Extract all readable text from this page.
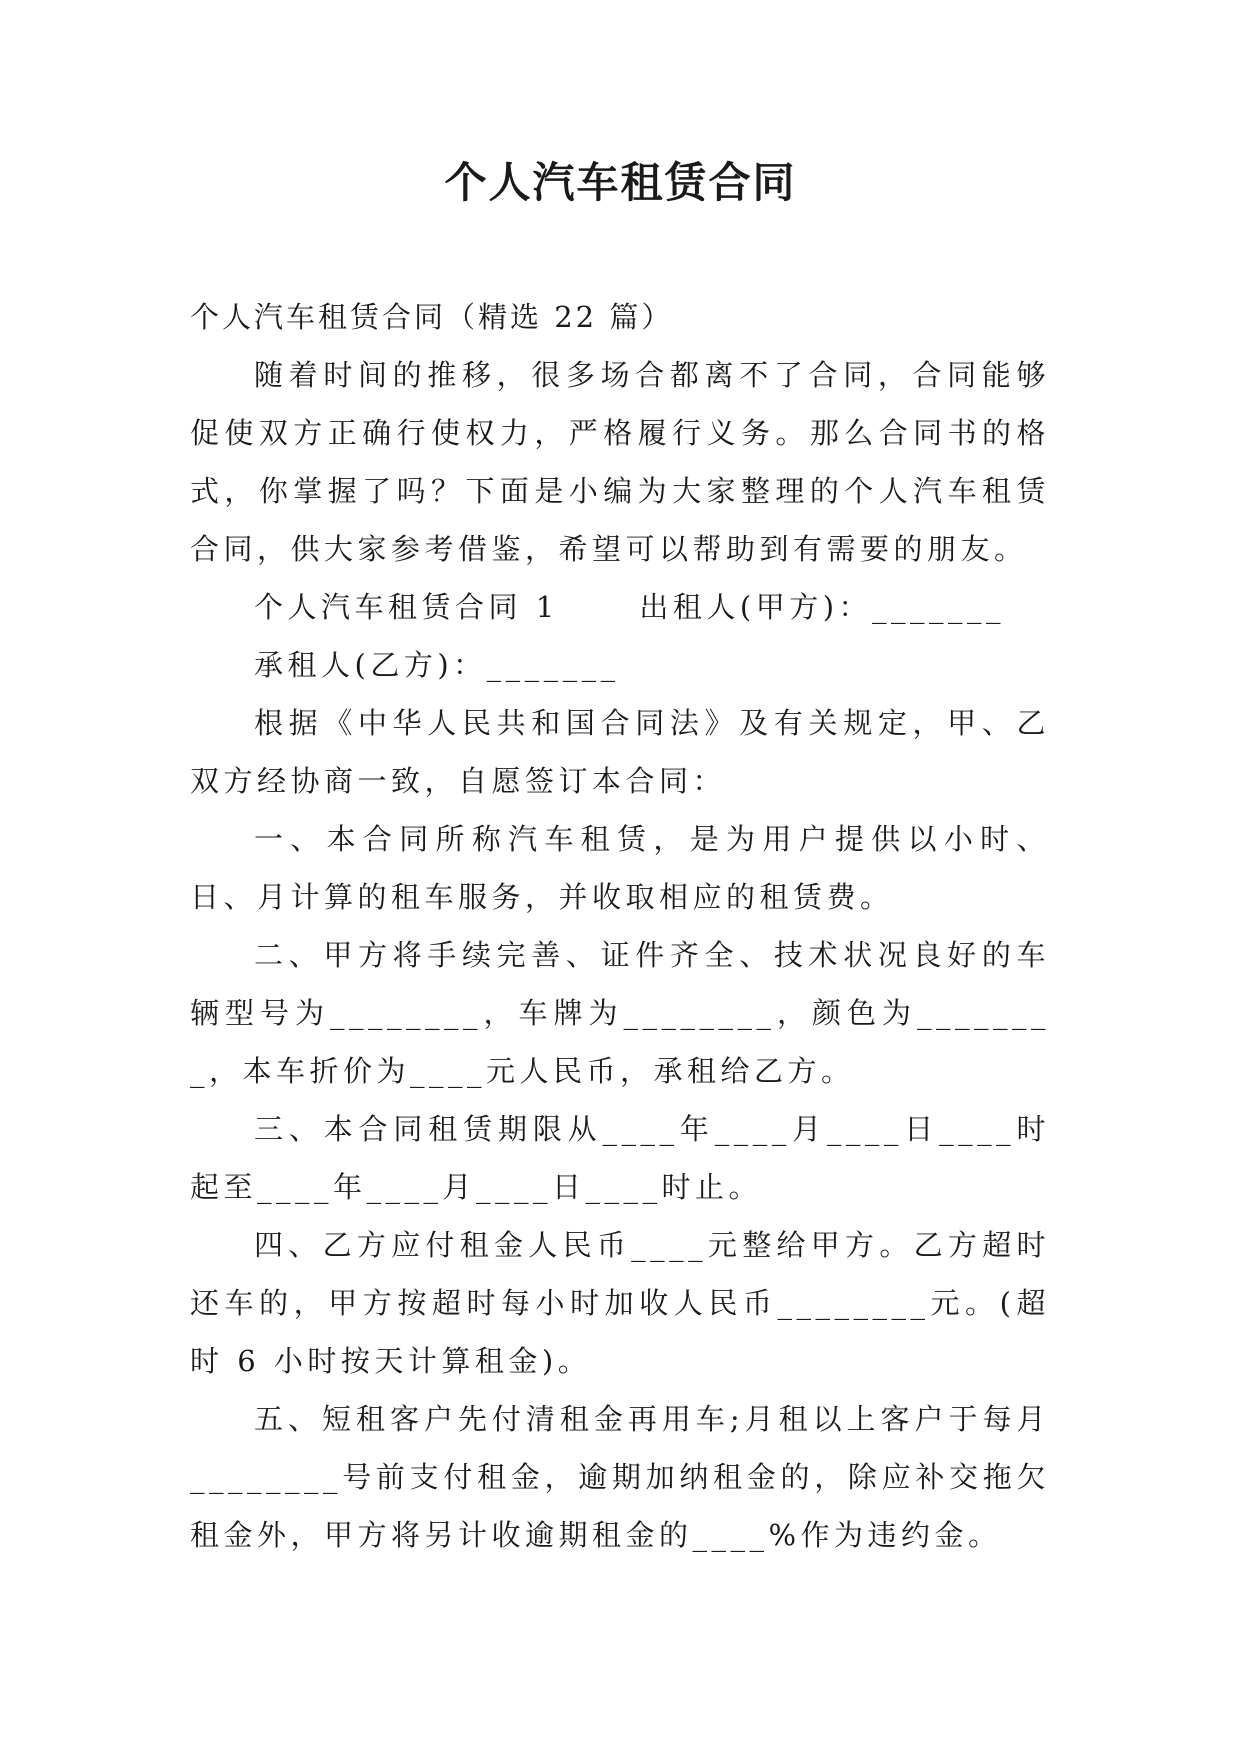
个人汽车租赁合同

个人汽车租赁合同（精选 22 篇）

随着时间的推移，很多场合都离不了合同，合同能够促使双方正确行使权力，严格履行义务。那么合同书的格式，你掌握了吗？下面是小编为大家整理的个人汽车租赁合同，供大家参考借鉴，希望可以帮助到有需要的朋友。

个人汽车租赁合同 1　　 出租人(甲方)：_______

承租人(乙方)：_______

根据《中华人民共和国合同法》及有关规定，甲、乙双方经协商一致，自愿签订本合同：

一、本合同所称汽车租赁，是为用户提供以小时、日、月计算的租车服务，并收取相应的租赁费。

二、甲方将手续完善、证件齐全、技术状况良好的车辆型号为________，车牌为________，颜色为________，本车折价为____元人民币，承租给乙方。

三、本合同租赁期限从____年____月____日____时起至____年____月____日____时止。

四、乙方应付租金人民币____元整给甲方。乙方超时还车的，甲方按超时每小时加收人民币________元。(超时 6 小时按天计算租金)。

五、短租客户先付清租金再用车;月租以上客户于每月________号前支付租金，逾期加纳租金的，除应补交拖欠租金外，甲方将另计收逾期租金的____%作为违约金。
